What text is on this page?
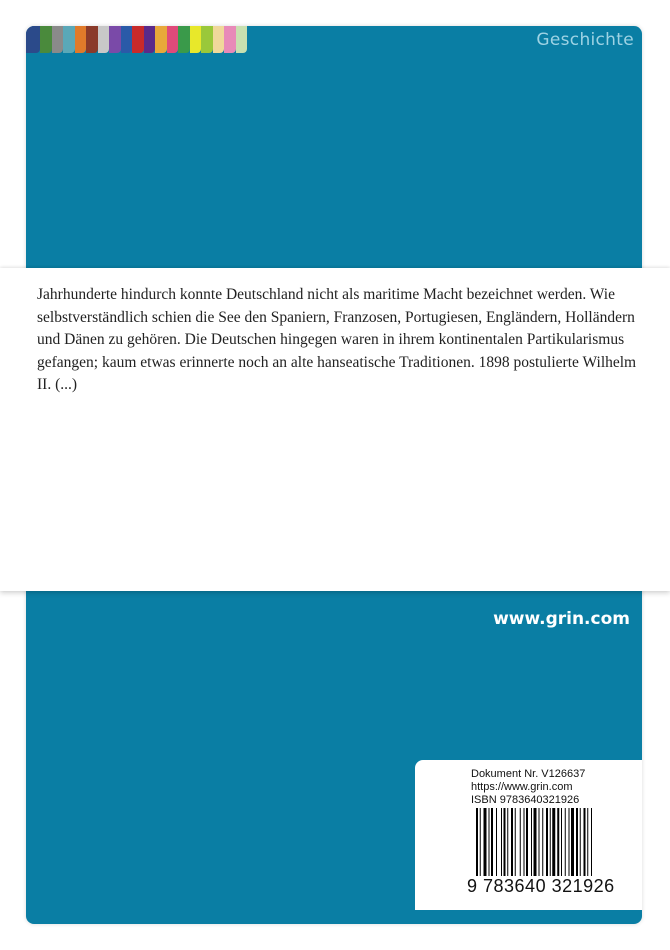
Geschichte

Jahrhunderte hindurch konnte Deutschland nicht als maritime Macht bezeichnet werden. Wie selbstverständlich schien die See den Spaniern, Franzosen, Portugiesen, Engländern, Holländern und Dänen zu gehören. Die Deutschen hingegen waren in ihrem kontinentalen Partikularismus gefangen; kaum etwas erinnerte noch an alte hanseatische Traditionen. 1898 postulierte Wilhelm II. (...)

www.grin.com
Dokument Nr. V126637
https://www.grin.com
ISBN 9783640321926
9 783640 321926
